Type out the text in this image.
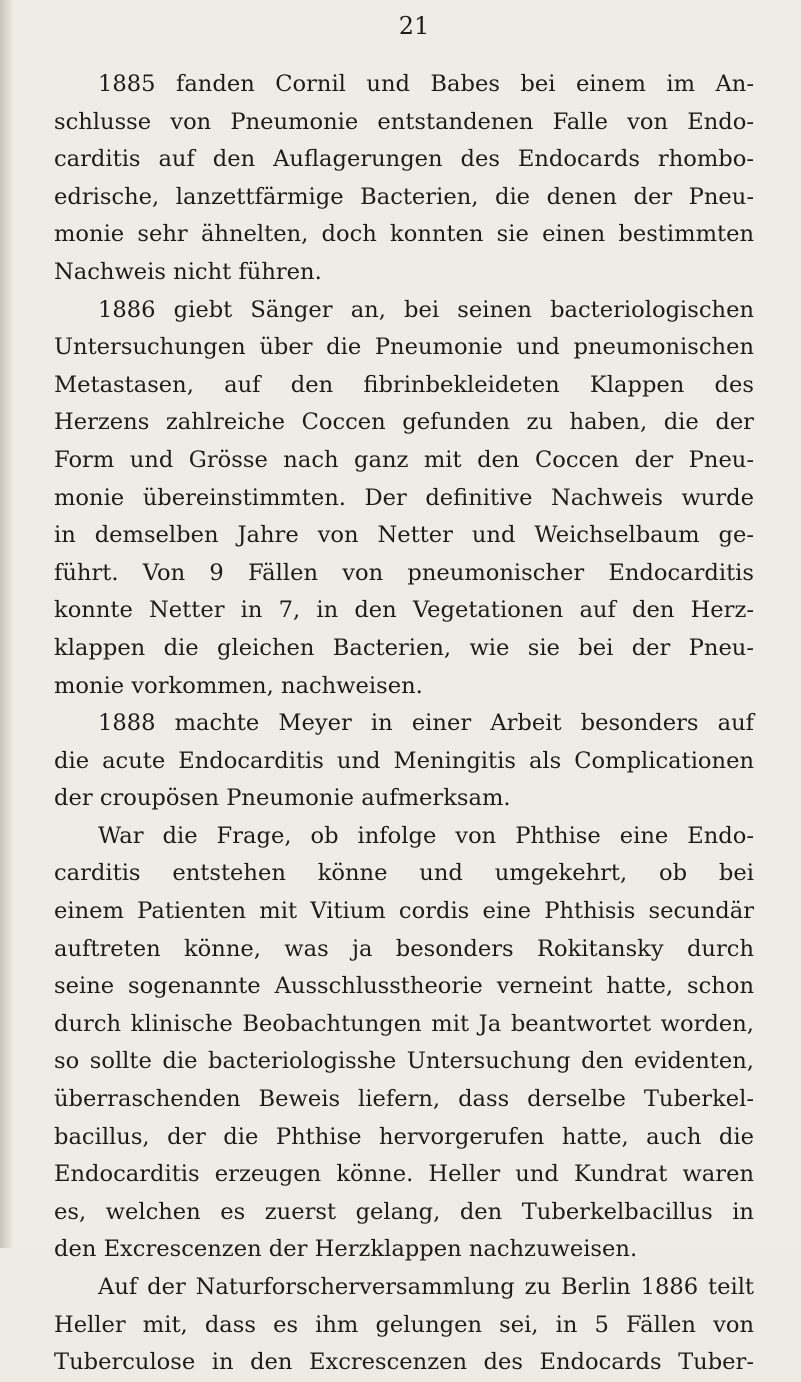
21
1885 fanden Cornil und Babes bei einem im An-
schlusse von Pneumonie entstandenen Falle von Endo-
carditis auf den Auflagerungen des Endocards rhombo-
edrische, lanzettfärmige Bacterien, die denen der Pneu-
monie sehr ähnelten, doch konnten sie einen bestimmten
Nachweis nicht führen.
1886 giebt Sänger an, bei seinen bacteriologischen
Untersuchungen über die Pneumonie und pneumonischen
Metastasen, auf den fibrinbekleideten Klappen des
Herzens zahlreiche Coccen gefunden zu haben, die der
Form und Grösse nach ganz mit den Coccen der Pneu-
monie übereinstimmten. Der definitive Nachweis wurde
in demselben Jahre von Netter und Weichselbaum ge-
führt. Von 9 Fällen von pneumonischer Endocarditis
konnte Netter in 7, in den Vegetationen auf den Herz-
klappen die gleichen Bacterien, wie sie bei der Pneu-
monie vorkommen, nachweisen.
1888 machte Meyer in einer Arbeit besonders auf
die acute Endocarditis und Meningitis als Complicationen
der croupösen Pneumonie aufmerksam.
War die Frage, ob infolge von Phthise eine Endo-
carditis entstehen könne und umgekehrt, ob bei
einem Patienten mit Vitium cordis eine Phthisis secundär
auftreten könne, was ja besonders Rokitansky durch
seine sogenannte Ausschlusstheorie verneint hatte, schon
durch klinische Beobachtungen mit Ja beantwortet worden,
so sollte die bacteriologisshe Untersuchung den evidenten,
überraschenden Beweis liefern, dass derselbe Tuberkel-
bacillus, der die Phthise hervorgerufen hatte, auch die
Endocarditis erzeugen könne. Heller und Kundrat waren
es, welchen es zuerst gelang, den Tuberkelbacillus in
den Excrescenzen der Herzklappen nachzuweisen.
Auf der Naturforscherversammlung zu Berlin 1886 teilt
Heller mit, dass es ihm gelungen sei, in 5 Fällen von
Tuberculose in den Excrescenzen des Endocards Tuber-
